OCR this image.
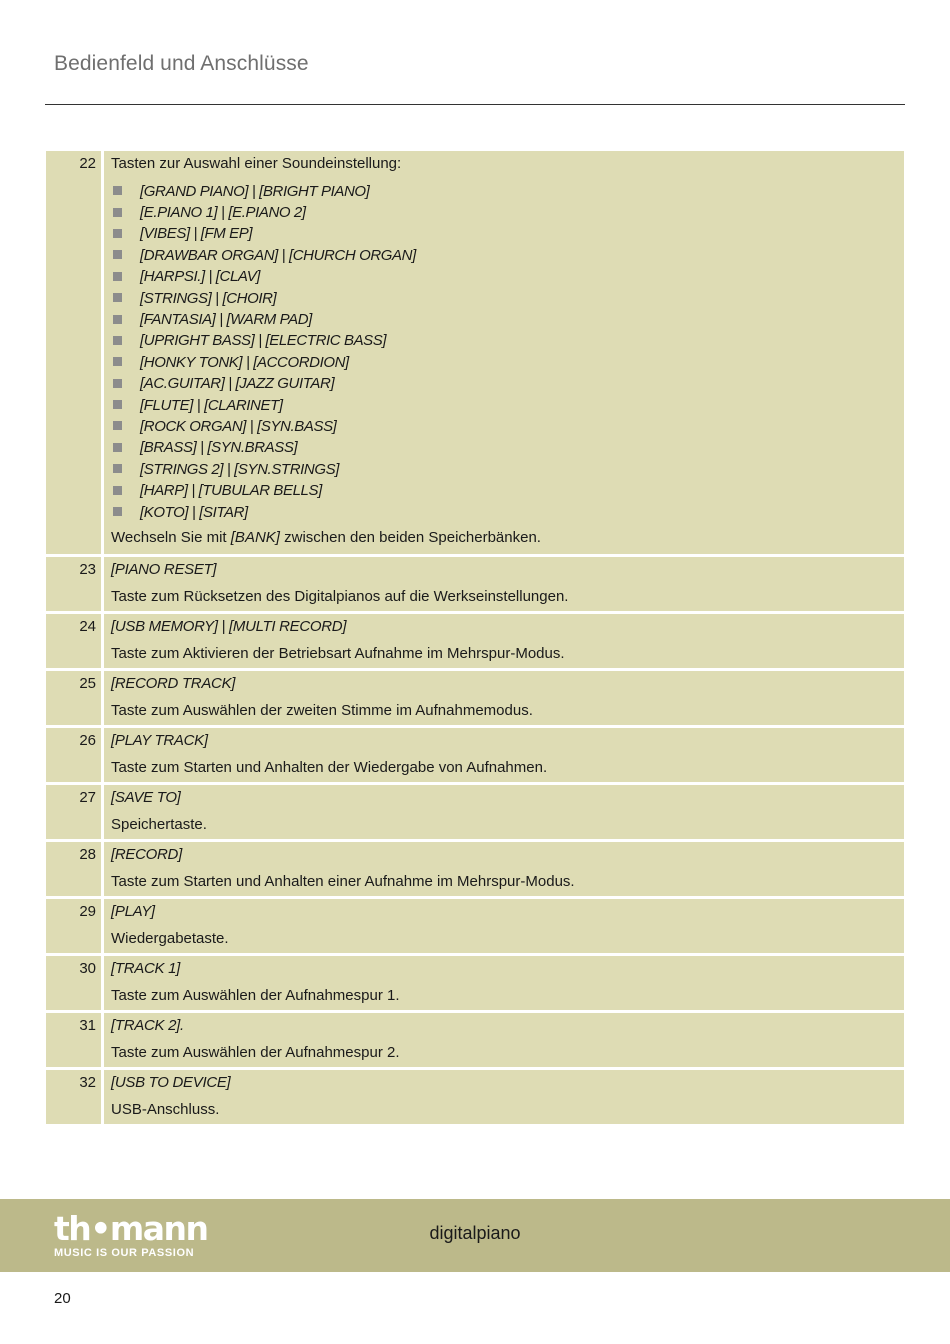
Bedienfeld und Anschlüsse
22	Tasten zur Auswahl einer Soundeinstellung:
[GRAND PIANO] | [BRIGHT PIANO]
[E.PIANO 1] | [E.PIANO 2]
[VIBES] | [FM EP]
[DRAWBAR ORGAN] | [CHURCH ORGAN]
[HARPSI.] | [CLAV]
[STRINGS] | [CHOIR]
[FANTASIA] | [WARM PAD]
[UPRIGHT BASS] | [ELECTRIC BASS]
[HONKY TONK] | [ACCORDION]
[AC.GUITAR] | [JAZZ GUITAR]
[FLUTE] | [CLARINET]
[ROCK ORGAN] | [SYN.BASS]
[BRASS] | [SYN.BRASS]
[STRINGS 2] | [SYN.STRINGS]
[HARP] | [TUBULAR BELLS]
[KOTO] | [SITAR]
Wechseln Sie mit [BANK] zwischen den beiden Speicherbänken.
23	[PIANO RESET]
Taste zum Rücksetzen des Digitalpianos auf die Werkseinstellungen.
24	[USB MEMORY] | [MULTI RECORD]
Taste zum Aktivieren der Betriebsart Aufnahme im Mehrspur-Modus.
25	[RECORD TRACK]
Taste zum Auswählen der zweiten Stimme im Aufnahmemodus.
26	[PLAY TRACK]
Taste zum Starten und Anhalten der Wiedergabe von Aufnahmen.
27	[SAVE TO]
Speichertaste.
28	[RECORD]
Taste zum Starten und Anhalten einer Aufnahme im Mehrspur-Modus.
29	[PLAY]
Wiedergabetaste.
30	[TRACK 1]
Taste zum Auswählen der Aufnahmespur 1.
31	[TRACK 2].
Taste zum Auswählen der Aufnahmespur 2.
32	[USB TO DEVICE]
USB-Anschluss.
th•mann
MUSIC IS OUR PASSION
digitalpiano
20
